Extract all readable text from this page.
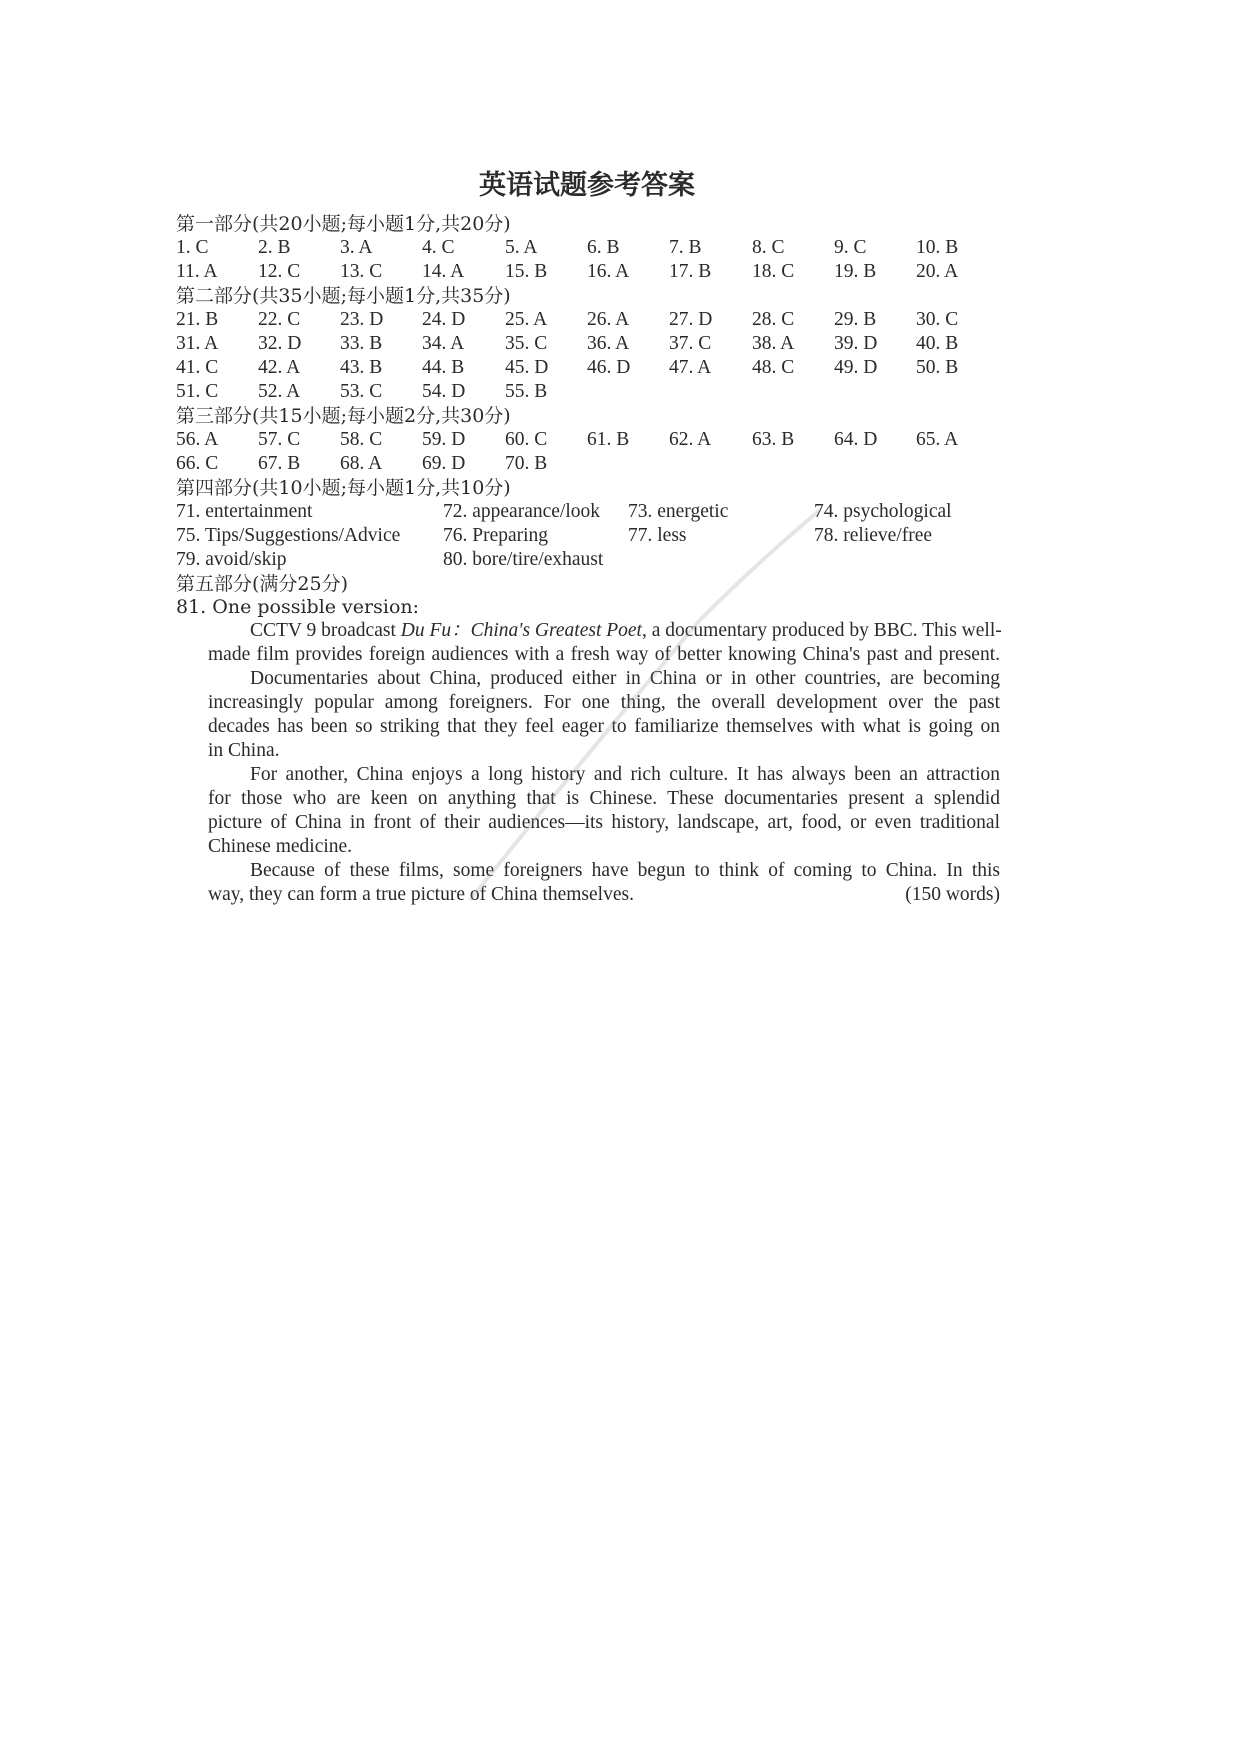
英语试题参考答案
第一部分(共20小题;每小题1分,共20分)
1. C	2. B	3. A	4. C	5. A	6. B	7. B	8. C	9. C	10. B
11. A 12. C 13. C 14. A 15. B 16. A 17. B 18. C 19. B 20. A
第二部分(共35小题;每小题1分,共35分)
21. B 22. C 23. D 24. D 25. A 26. A 27. D 28. C 29. B 30. C
31. A 32. D 33. B 34. A 35. C 36. A 37. C 38. A 39. D 40. B
41. C 42. A 43. B 44. B 45. D 46. D 47. A 48. C 49. D 50. B
51. C 52. A 53. C 54. D 55. B
第三部分(共15小题;每小题2分,共30分)
56. A 57. C 58. C 59. D 60. C 61. B 62. A 63. B 64. D 65. A
66. C 67. B 68. A 69. D 70. B
第四部分(共10小题;每小题1分,共10分)
71. entertainment	72. appearance/look 73. energetic	74. psychological
75. Tips/Suggestions/Advice 76. Preparing	77. less	78. relieve/free
79. avoid/skip	80. bore/tire/exhaust
第五部分(满分25分)
81. One possible version:
CCTV 9 broadcast Du Fu：China's Greatest Poet, a documentary produced by BBC. This well-
made film provides foreign audiences with a fresh way of better knowing China's past and present.
Documentaries about China, produced either in China or in other countries, are becoming
increasingly popular among foreigners. For one thing, the overall development over the past
decades has been so striking that they feel eager to familiarize themselves with what is going on
in China.
For another, China enjoys a long history and rich culture. It has always been an attraction
for those who are keen on anything that is Chinese. These documentaries present a splendid
picture of China in front of their audiences—its history, landscape, art, food, or even traditional
Chinese medicine.
Because of these films, some foreigners have begun to think of coming to China. In this
way, they can form a true picture of China themselves.	(150 words)
